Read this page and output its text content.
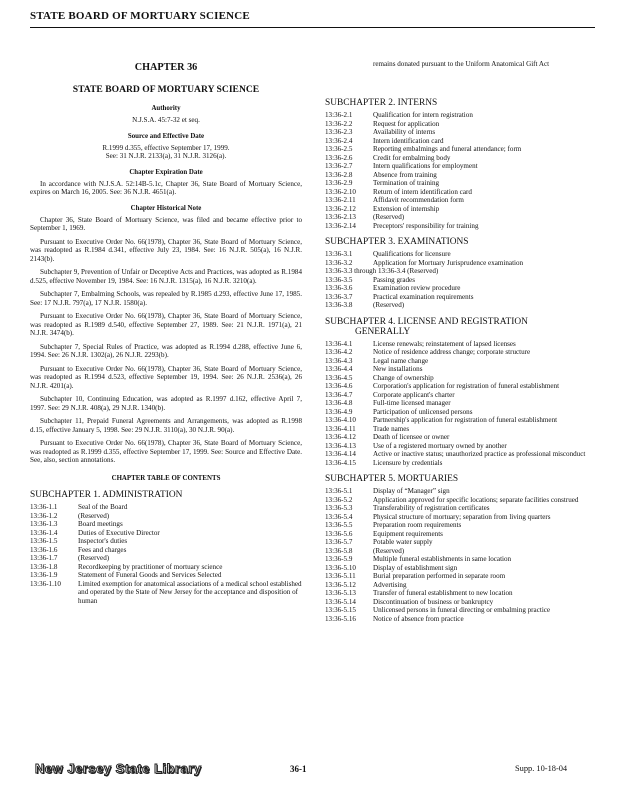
STATE BOARD OF MORTUARY SCIENCE
CHAPTER 36
STATE BOARD OF MORTUARY SCIENCE
Authority

N.J.S.A. 45:7-32 et seq.

Source and Effective Date

R.1999 d.355, effective September 17, 1999.

See: 31 N.J.R. 2133(a), 31 N.J.R. 3126(a).

Chapter Expiration Date

In accordance with N.J.S.A. 52:14B-5.1c, Chapter 36, State Board of Mortuary Science, expires on March 16, 2005. See: 36 N.J.R. 4651(a).

Chapter Historical Note

Chapter 36, State Board of Mortuary Science, was filed and became effective prior to September 1, 1969.

Pursuant to Executive Order No. 66(1978), Chapter 36, State Board of Mortuary Science, was readopted as R.1984 d.341, effective July 23, 1984. See: 16 N.J.R. 505(a), 16 N.J.R. 2143(b).

Subchapter 9, Prevention of Unfair or Deceptive Acts and Practices, was adopted as R.1984 d.525, effective November 19, 1984. See: 16 N.J.R. 1315(a), 16 N.J.R. 3210(a).

Subchapter 7, Embalming Schools, was repealed by R.1985 d.293, effective June 17, 1985. See: 17 N.J.R. 797(a), 17 N.J.R. 1580(a).

Pursuant to Executive Order No. 66(1978), Chapter 36, State Board of Mortuary Science, was readopted as R.1989 d.540, effective September 27, 1989. See: 21 N.J.R. 1971(a), 21 N.J.R. 3474(b).

Subchapter 7, Special Rules of Practice, was adopted as R.1994 d.288, effective June 6, 1994. See: 26 N.J.R. 1302(a), 26 N.J.R. 2293(b).

Pursuant to Executive Order No. 66(1978), Chapter 36, State Board of Mortuary Science, was readopted as R.1994 d.523, effective September 19, 1994. See: 26 N.J.R. 2536(a), 26 N.J.R. 4201(a).

Subchapter 10, Continuing Education, was adopted as R.1997 d.162, effective April 7, 1997. See: 29 N.J.R. 408(a), 29 N.J.R. 1340(b).

Subchapter 11, Prepaid Funeral Agreements and Arrangements, was adopted as R.1998 d.15, effective January 5, 1998. See: 29 N.J.R. 3110(a), 30 N.J.R. 90(a).

Pursuant to Executive Order No. 66(1978), Chapter 36, State Board of Mortuary Science, was readopted as R.1999 d.355, effective September 17, 1999. See: Source and Effective Date. See, also, section annotations.

CHAPTER TABLE OF CONTENTS
SUBCHAPTER 1. ADMINISTRATION
13:36-1.1	Seal of the Board
13:36-1.2	(Reserved)
13:36-1.3	Board meetings
13:36-1.4	Duties of Executive Director
13:36-1.5	Inspector's duties
13:36-1.6	Fees and charges
13:36-1.7	(Reserved)
13:36-1.8	Recordkeeping by practitioner of mortuary science
13:36-1.9	Statement of Funeral Goods and Services Selected
13:36-1.10	Limited exemption for anatomical associations of a medical school established and operated by the State of New Jersey for the acceptance and disposition of human
remains donated pursuant to the Uniform Anatomical Gift Act
SUBCHAPTER 2. INTERNS
13:36-2.1	Qualification for intern registration
13:36-2.2	Request for application
13:36-2.3	Availability of interns
13:36-2.4	Intern identification card
13:36-2.5	Reporting embalmings and funeral attendance; form
13:36-2.6	Credit for embalming body
13:36-2.7	Intern qualifications for employment
13:36-2.8	Absence from training
13:36-2.9	Termination of training
13:36-2.10	Return of intern identification card
13:36-2.11	Affidavit recommendation form
13:36-2.12	Extension of internship
13:36-2.13	(Reserved)
13:36-2.14	Preceptors' responsibility for training
SUBCHAPTER 3. EXAMINATIONS
13:36-3.1	Qualifications for licensure
13:36-3.2	Application for Mortuary Jurisprudence examination
13:36-3.3 through 13:36-3.4 (Reserved)
13:36-3.5	Passing grades
13:36-3.6	Examination review procedure
13:36-3.7	Practical examination requirements
13:36-3.8	(Reserved)
SUBCHAPTER 4. LICENSE AND REGISTRATION
GENERALLY
13:36-4.1	License renewals; reinstatement of lapsed licenses
13:36-4.2	Notice of residence address change; corporate structure
13:36-4.3	Legal name change
13:36-4.4	New installations
13:36-4.5	Change of ownership
13:36-4.6	Corporation's application for registration of funeral establishment
13:36-4.7	Corporate applicant's charter
13:36-4.8	Full-time licensed manager
13:36-4.9	Participation of unlicensed persons
13:36-4.10	Partnership's application for registration of funeral establishment
13:36-4.11	Trade names
13:36-4.12	Death of licensee or owner
13:36-4.13	Use of a registered mortuary owned by another
13:36-4.14	Active or inactive status; unauthorized practice as professional misconduct
13:36-4.15	Licensure by credentials
SUBCHAPTER 5. MORTUARIES
13:36-5.1	Display of “Manager” sign
13:36-5.2	Application approved for specific locations; separate facilities construed
13:36-5.3	Transferability of registration certificates
13:36-5.4	Physical structure of mortuary; separation from living quarters
13:36-5.5	Preparation room requirements
13:36-5.6	Equipment requirements
13:36-5.7	Potable water supply
13:36-5.8	(Reserved)
13:36-5.9	Multiple funeral establishments in same location
13:36-5.10	Display of establishment sign
13:36-5.11	Burial preparation performed in separate room
13:36-5.12	Advertising
13:36-5.13	Transfer of funeral establishment to new location
13:36-5.14	Discontinuation of business or bankruptcy
13:36-5.15	Unlicensed persons in funeral directing or embalming practice
13:36-5.16	Notice of absence from practice
New Jersey State Library	36-1	Supp. 10-18-04
